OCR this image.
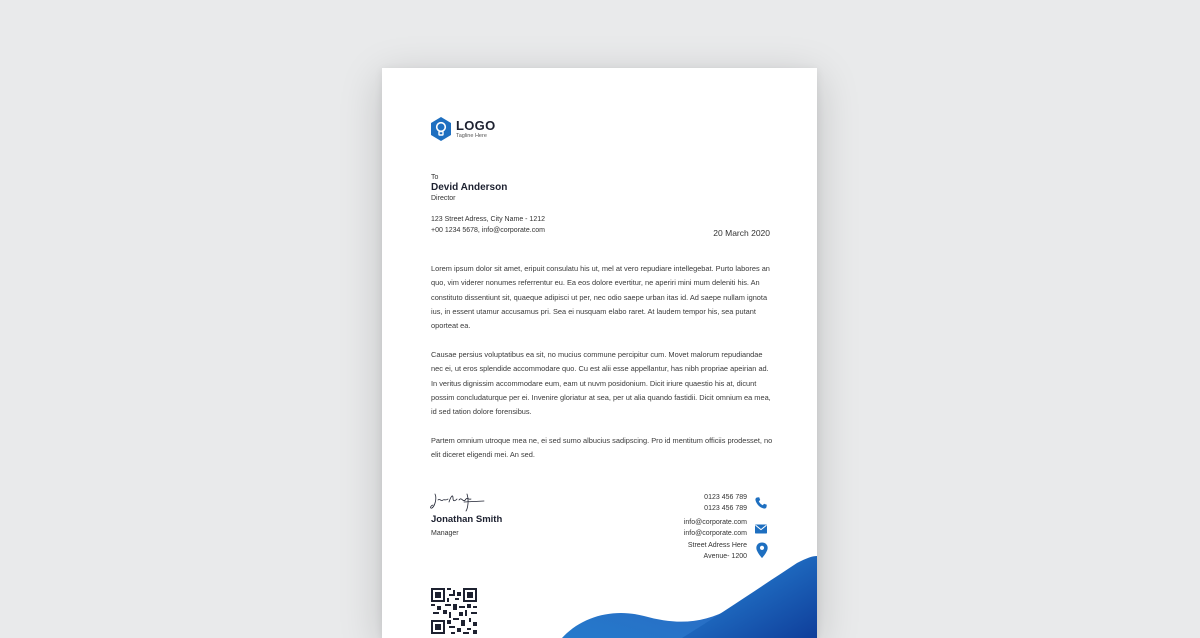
LOGO
Tagline Here
To
Devid Anderson
Director
123 Street Adress, City Name - 1212
+00 1234 5678, info@corporate.com	20 March 2020

Lorem ipsum dolor sit amet, eripuit consulatu his ut, mel at vero repudiare intellegebat. Purto labores an quo, vim viderer nonumes referrentur eu. Ea eos dolore evertitur, ne aperiri mini mum deleniti his. An constituto dissentiunt sit, quaeque adipisci ut per, nec odio saepe urban itas id. Ad saepe nullam ignota ius, in essent utamur accusamus pri. Sea ei nusquam elabo raret. At laudem tempor his, sea putant oporteat ea.

Causae persius voluptatibus ea sit, no mucius commune percipitur cum. Movet malorum repudiandae nec ei, ut eros splendide accommodare quo. Cu est alii esse appellantur, has nibh propriae apeirian ad. In veritus dignissim accommodare eum, eam ut nuvm posidonium. Dicit iriure quaestio his at, dicunt possim concludaturque per ei. Invenire gloriatur at sea, per ut alia quando fastidii. Dicit omnium ea mea, id sed tation dolore forensibus.

Partem omnium utroque mea ne, ei sed sumo albucius sadipscing. Pro id mentitum officiis prodesset, no elit diceret eligendi mei. An sed.

Jonathan Smith
Manager
0123 456 789
0123 456 789
info@corporate.com
info@corporate.com
Street Adress Here
Avenue- 1200
